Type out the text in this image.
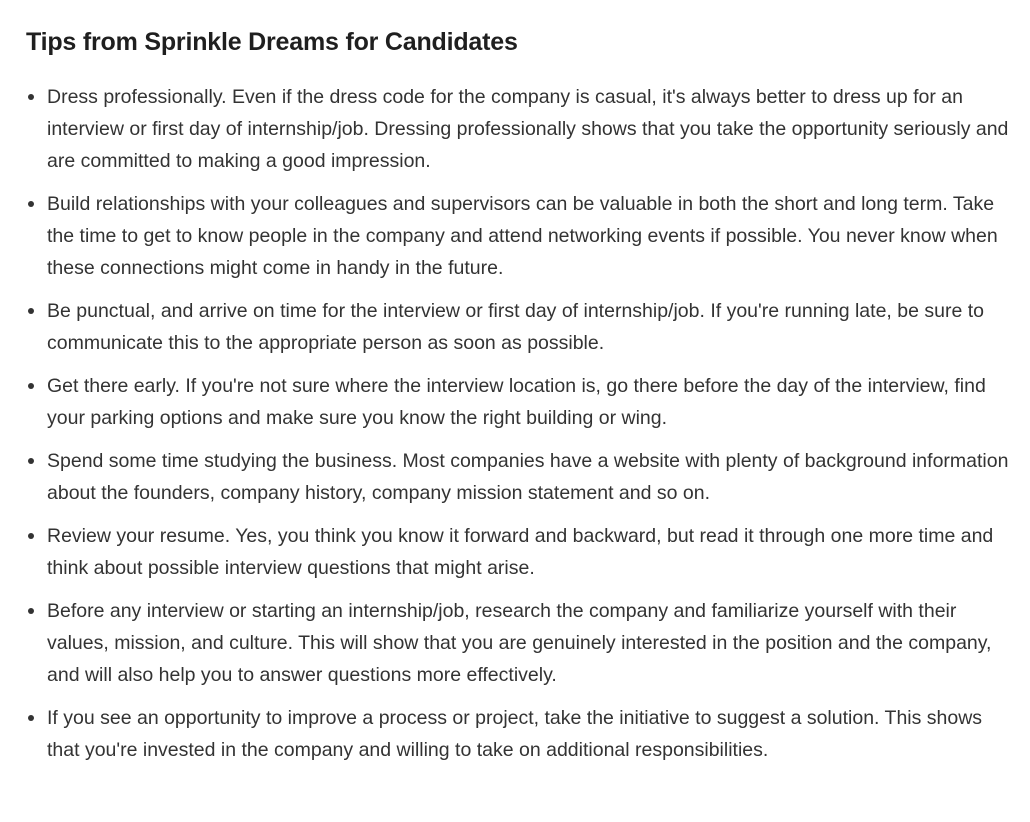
Tips from Sprinkle Dreams for Candidates
Dress professionally. Even if the dress code for the company is casual, it's always better to dress up for an interview or first day of internship/job. Dressing professionally shows that you take the opportunity seriously and are committed to making a good impression.
Build relationships with your colleagues and supervisors can be valuable in both the short and long term. Take the time to get to know people in the company and attend networking events if possible. You never know when these connections might come in handy in the future.
Be punctual, and arrive on time for the interview or first day of internship/job. If you're running late, be sure to communicate this to the appropriate person as soon as possible.
Get there early. If you're not sure where the interview location is, go there before the day of the interview, find your parking options and make sure you know the right building or wing.
Spend some time studying the business. Most companies have a website with plenty of background information about the founders, company history, company mission statement and so on.
Review your resume. Yes, you think you know it forward and backward, but read it through one more time and think about possible interview questions that might arise.
Before any interview or starting an internship/job, research the company and familiarize yourself with their values, mission, and culture. This will show that you are genuinely interested in the position and the company, and will also help you to answer questions more effectively.
If you see an opportunity to improve a process or project, take the initiative to suggest a solution. This shows that you're invested in the company and willing to take on additional responsibilities.
